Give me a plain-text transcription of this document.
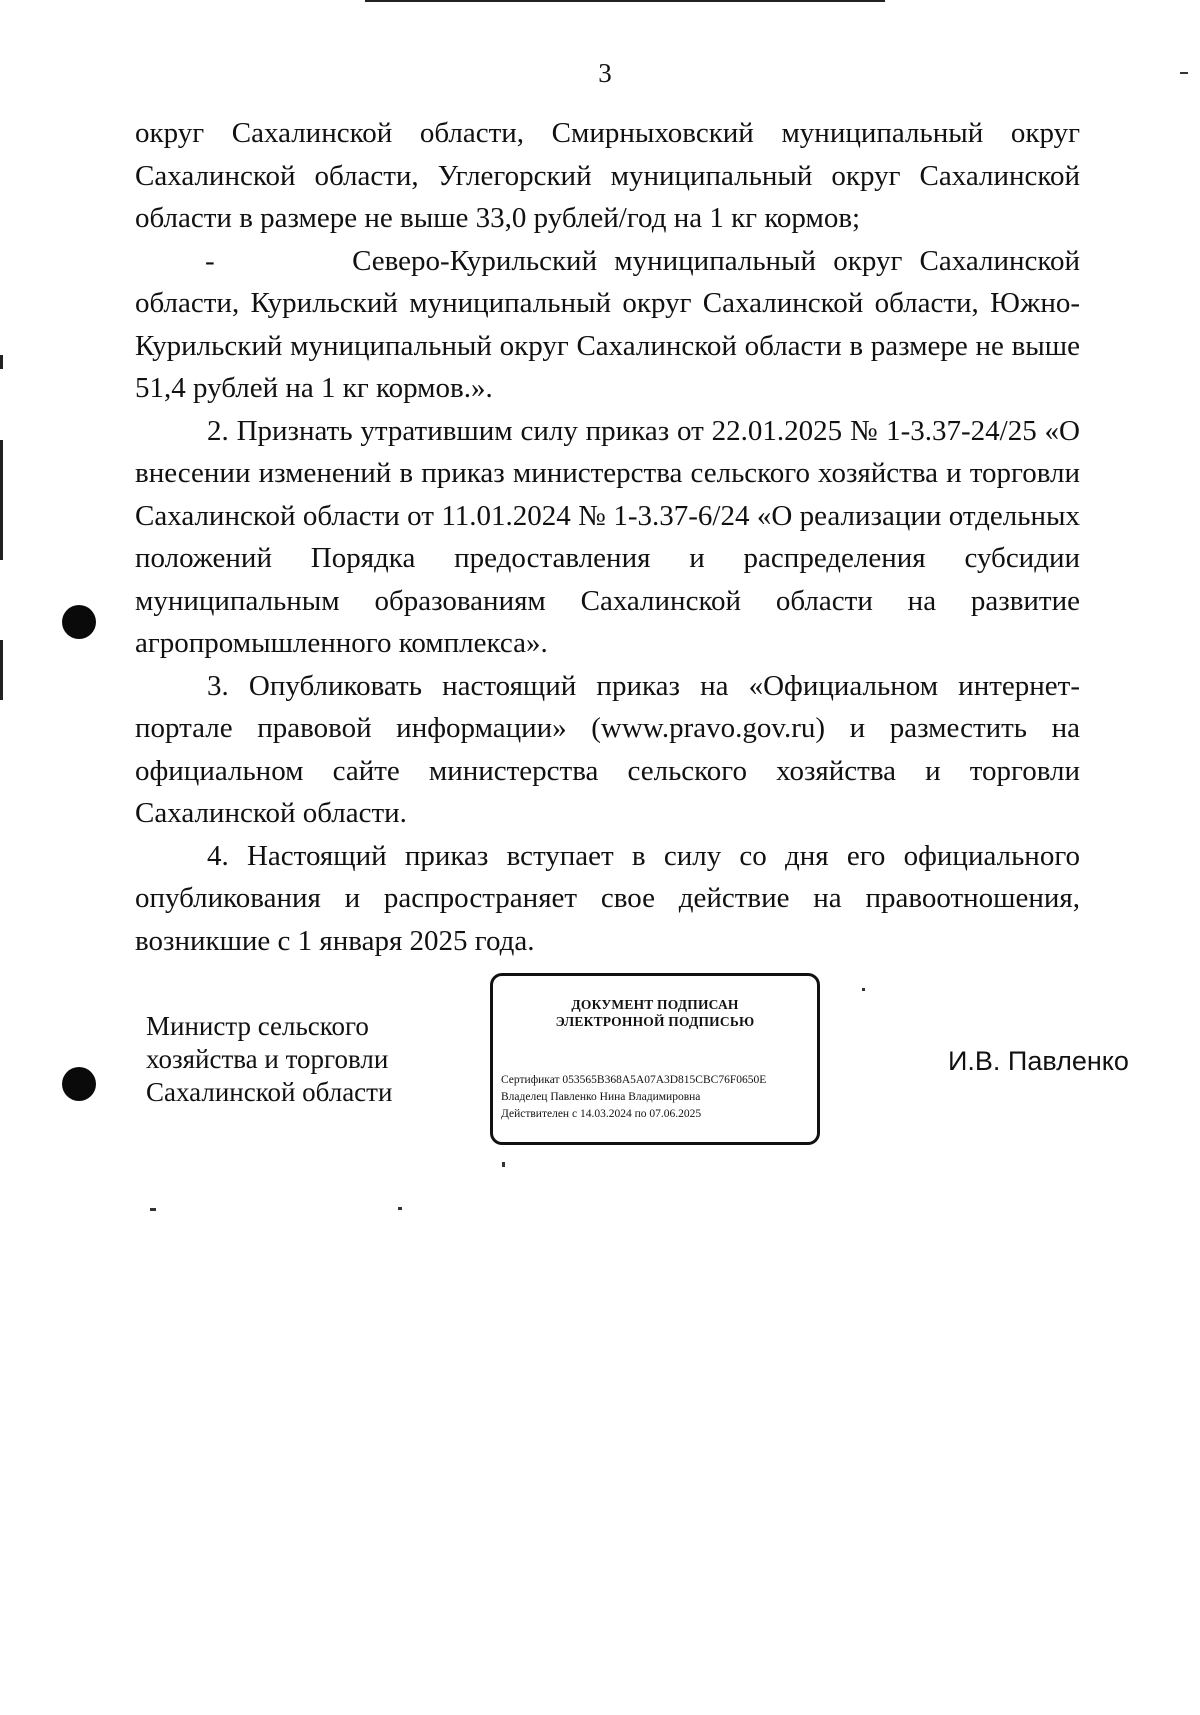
3

округ Сахалинской области, Смирныховский муниципальный округ Сахалинской области, Углегорский муниципальный округ Сахалинской области в размере не выше 33,0 рублей/год на 1 кг кормов;

-        Северо-Курильский муниципальный округ Сахалинской области, Курильский муниципальный округ Сахалинской области, Южно-Курильский муниципальный округ Сахалинской области в размере не выше 51,4 рублей на 1 кг кормов.».

2. Признать утратившим силу приказ от 22.01.2025 № 1-3.37-24/25 «О внесении изменений в приказ министерства сельского хозяйства и торговли Сахалинской области от 11.01.2024 № 1-3.37-6/24 «О реализации отдельных положений Порядка предоставления и распределения субсидии муниципальным образованиям Сахалинской области на развитие агропромышленного комплекса».

3. Опубликовать настоящий приказ на «Официальном интернет-портале правовой информации» (www.pravo.gov.ru) и разместить на официальном сайте министерства сельского хозяйства и торговли Сахалинской области.

4. Настоящий приказ вступает в силу со дня его официального опубликования и распространяет свое действие на правоотношения, возникшие с 1 января 2025 года.

Министр сельского
хозяйства и торговли
Сахалинской области
ДОКУМЕНТ ПОДПИСАН
ЭЛЕКТРОННОЙ ПОДПИСЬЮ
Сертификат 053565B368A5A07A3D815CBC76F0650E
Владелец Павленко Нина Владимировна
Действителен с 14.03.2024 по 07.06.2025
И.В. Павленко
